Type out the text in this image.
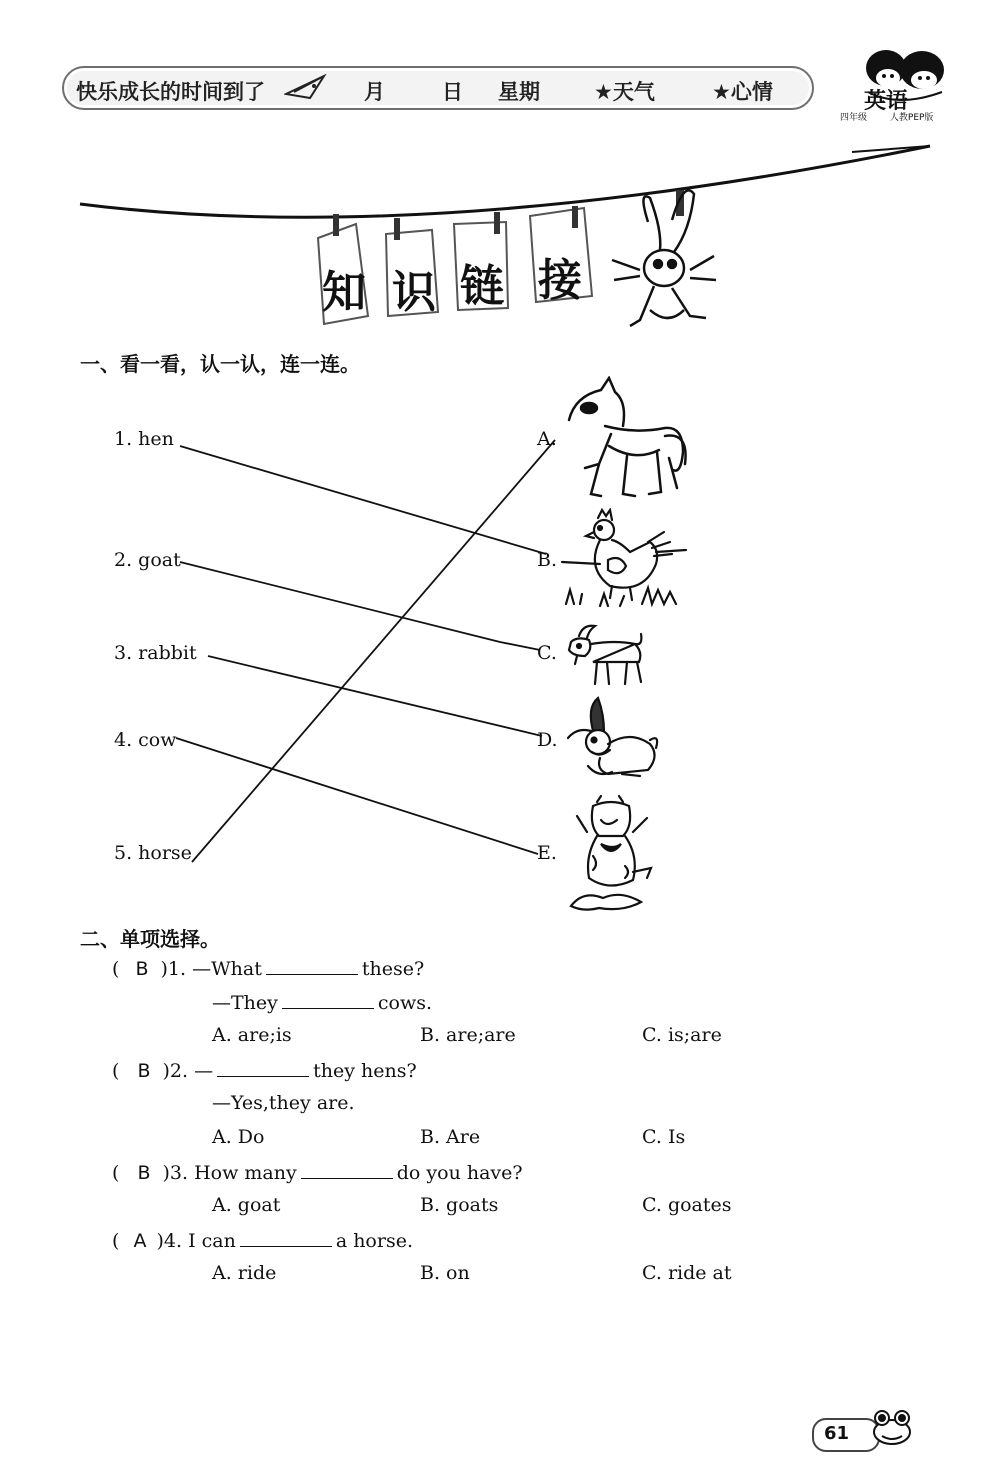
快乐成长的时间到了	月	日 星期	★天气	★心情	英语
四年级	人教PEP版
知 识 链 接
一、看一看，认一认，连一连。
1. hen
2. goat
3. rabbit
4. cow
5. horse
A.
B.
C.
D.
E.
二、单项选择。
( B )1. —What	these?
—They	cows.
A. are;is	B. are;are	C. is;are
( B )2. —	they hens?
—Yes,they are.
A. Do	B. Are	C. Is
( B )3. How many	do you have?
A. goat	B. goats	C. goates
( A )4. I can	a horse.
A. ride	B. on	C. ride at
61
